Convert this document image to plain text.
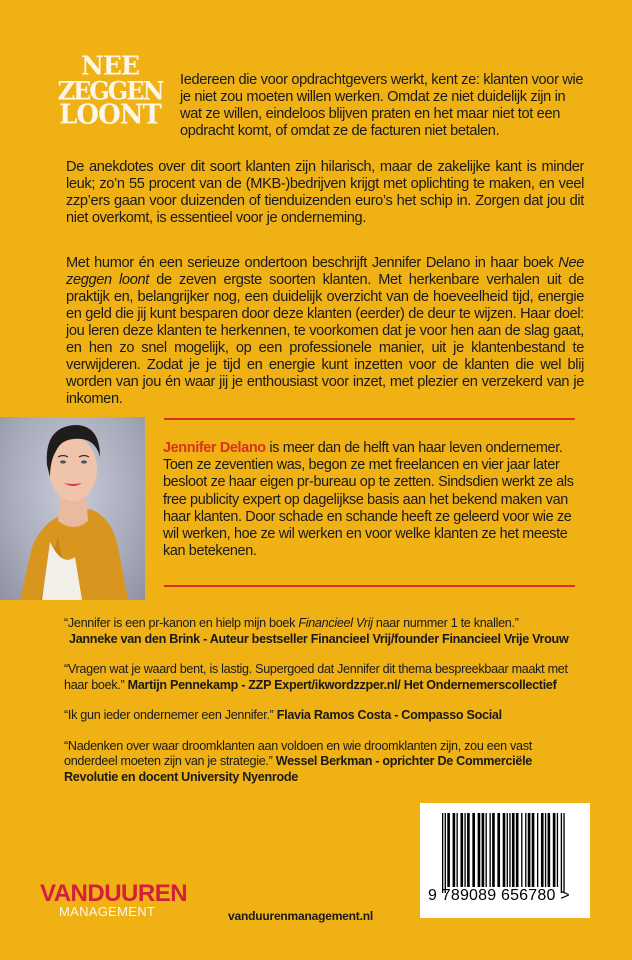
NEE
ZEGGEN
LOONT

Iedereen die voor opdrachtgevers werkt, kent ze: klanten voor wie je niet zou moeten willen werken. Omdat ze niet duidelijk zijn in wat ze willen, eindeloos blijven praten en het maar niet tot een opdracht komt, of omdat ze de facturen niet betalen.

De anekdotes over dit soort klanten zijn hilarisch, maar de zakelijke kant is minder leuk; zo’n 55 procent van de (MKB-)bedrijven krijgt met oplichting te maken, en veel zzp’ers gaan voor duizenden of tienduizenden euro’s het schip in. Zorgen dat jou dit niet overkomt, is essentieel voor je onderneming.

Met humor én een serieuze ondertoon beschrijft Jennifer Delano in haar boek Nee zeggen loont de zeven ergste soorten klanten. Met herkenbare verhalen uit de praktijk en, belangrijker nog, een duidelijk overzicht van de hoeveelheid tijd, energie en geld die jij kunt besparen door deze klanten (eerder) de deur te wijzen. Haar doel: jou leren deze klanten te herkennen, te voorkomen dat je voor hen aan de slag gaat, en hen zo snel mogelijk, op een professionele manier, uit je klantenbestand te verwijderen. Zodat je je tijd en energie kunt inzetten voor de klanten die wel blij worden van jou én waar jij je enthousiast voor inzet, met plezier en verzekerd van je inkomen.

Jennifer Delano is meer dan de helft van haar leven ondernemer. Toen ze zeventien was, begon ze met freelancen en vier jaar later besloot ze haar eigen pr-bureau op te zetten. Sindsdien werkt ze als free publicity expert op dagelijkse basis aan het bekend maken van haar klanten. Door schade en schande heeft ze geleerd voor wie ze wil werken, hoe ze wil werken en voor welke klanten ze het meeste kan betekenen.

“Jennifer is een pr-kanon en hielp mijn boek Financieel Vrij naar nummer 1 te knallen.”
Janneke van den Brink - Auteur bestseller Financieel Vrij/founder Financieel Vrije Vrouw
“Vragen wat je waard bent, is lastig. Supergoed dat Jennifer dit thema bespreekbaar maakt met haar boek.” Martijn Pennekamp - ZZP Expert/ikwordzzper.nl/ Het Ondernemerscollectief
“Ik gun ieder ondernemer een Jennifer.” Flavia Ramos Costa - Compasso Social
“Nadenken over waar droomklanten aan voldoen en wie droomklanten zijn, zou een vast onderdeel moeten zijn van je strategie.” Wessel Berkman - oprichter De Commerciële Revolutie en docent University Nyenrode
VANDUUREN
MANAGEMENT	vanduurenmanagement.nl
9 789089 656780 >
